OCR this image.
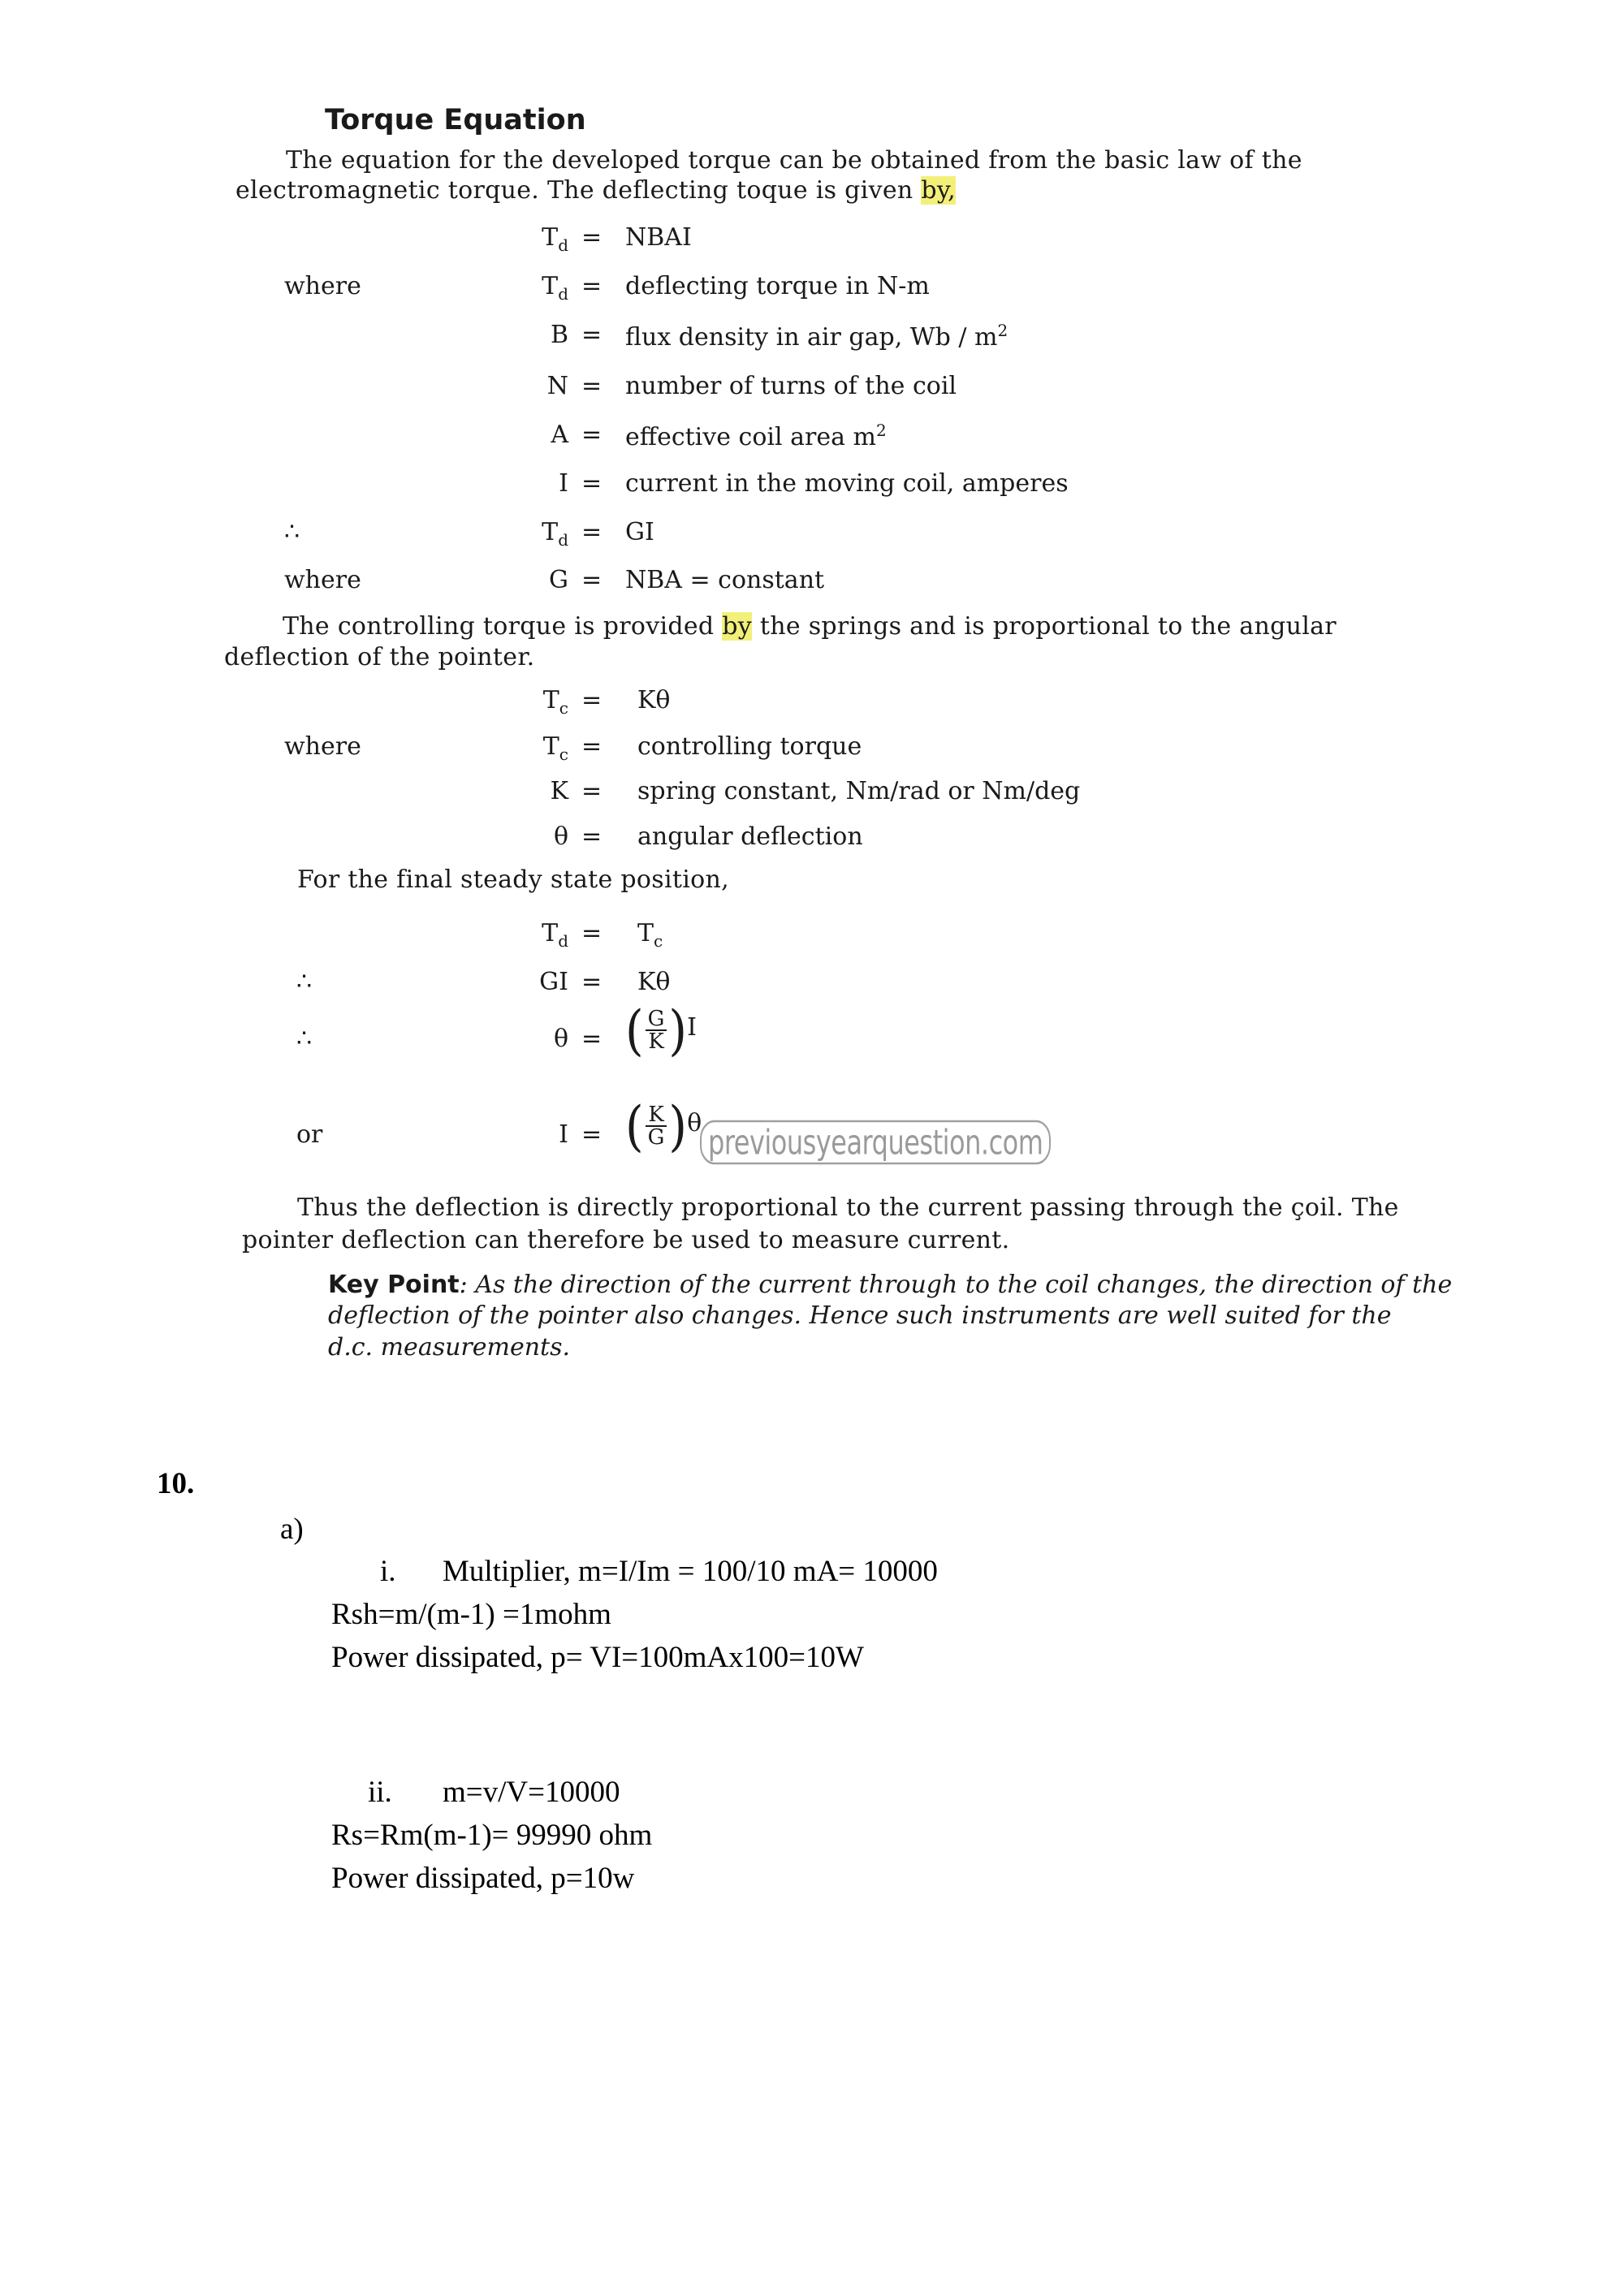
Torque Equation
The equation for the developed torque can be obtained from the basic law of the
electromagnetic torque. The deflecting toque is given by,
$T_d$ = NBAI
where	$T_d$ = deflecting torque in N-m
B = flux density in air gap, Wb / $m^2$
N = number of turns of the coil
A = effective coil area $m^2$
I = current in the moving coil, amperes
∴	$T_d$ = GI
where	G = NBA = constant
The controlling torque is provided by the springs and is proportional to the angular
deflection of the pointer.
$T_c = K\theta$
where	$T_c$ = controlling torque
K = spring constant, Nm/rad or Nm/deg
θ = angular deflection
For the final steady state position,
$T_d = T_c$
∴	GI = Kθ
∴	θ = ( $\frac{G}{K}$ ) I
or	I = ( $\frac{K}{G}$ ) θ previousyearquestion.com
Thus the deflection is directly proportional to the current passing through the çoil. The
pointer deflection can therefore be used to measure current.
Key Point: As the direction of the current through to the coil changes, the direction of the
deflection of the pointer also changes. Hence such instruments are well suited for the
d.c. measurements.
10.
a)
i. Multiplier, m=I/Im = 100/10 mA= 10000
Rsh=m/(m-1) =1mohm
Power dissipated, p= VI=100mAx100=10W
ii. m=v/V=10000
Rs=Rm(m-1)= 99990 ohm
Power dissipated, p=10w
